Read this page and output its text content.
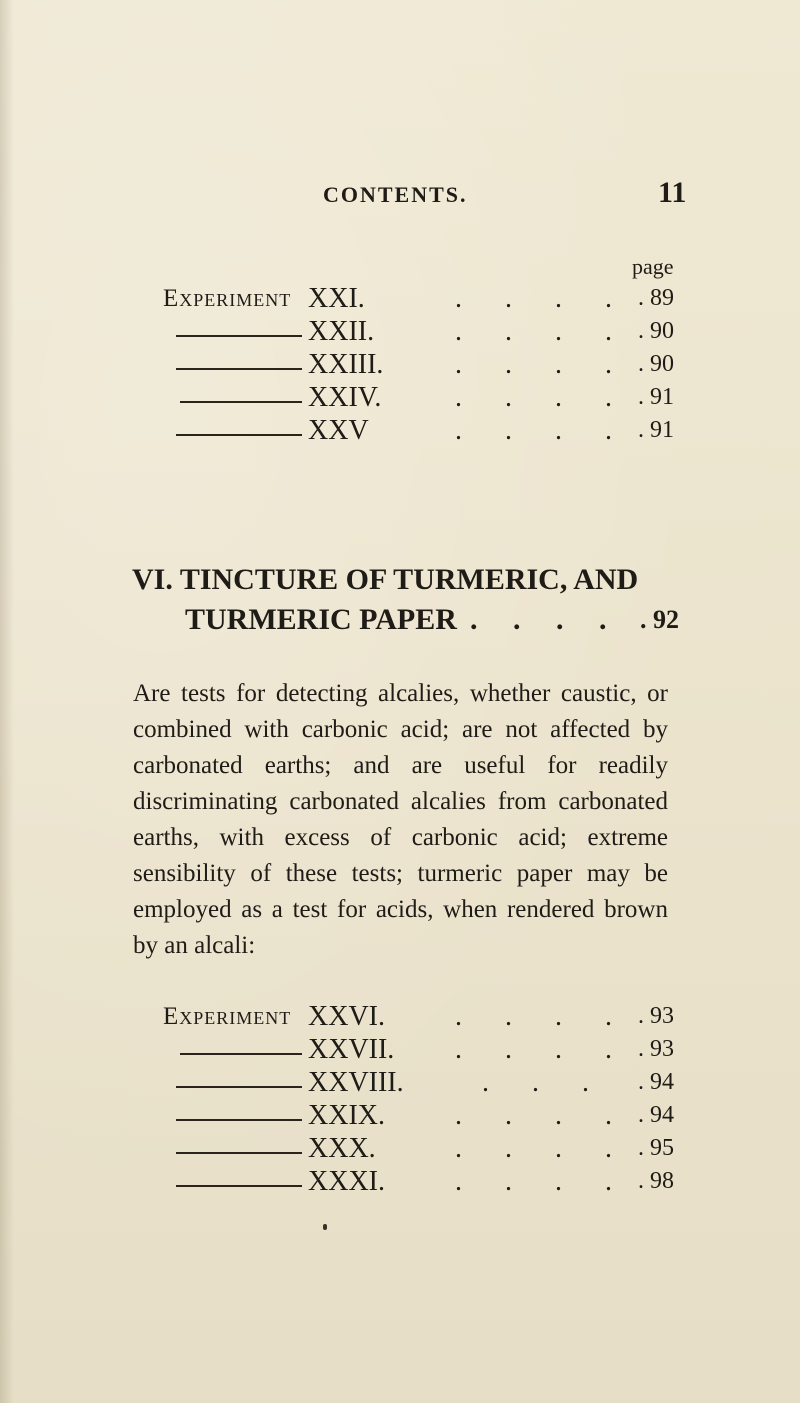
CONTENTS.	11
page
Experiment XXI.	. . . . . 89
XXII.	. . . . . 90
XXIII.	. . . . . 90
XXIV.	. . . . . 91
XXV	. . . . . 91
VI. TINCTURE OF TURMERIC, AND
TURMERIC PAPER . . . . . 92

Are tests for detecting alcalies, whether caustic, or combined with carbonic acid; are not affected by carbonated earths; and are useful for readily discriminating carbonated alcalies from carbonated earths, with excess of carbonic acid; extreme sensibility of these tests; turmeric paper may be employed as a test for acids, when rendered brown by an alcali:

Experiment XXVI.	. . . . . 93
XXVII. . . . . . 93
XXVIII.	. . . . 94
XXIX.	. . . . . 94
XXX.	. . . . . 95
XXXI.	. . . . . 98
